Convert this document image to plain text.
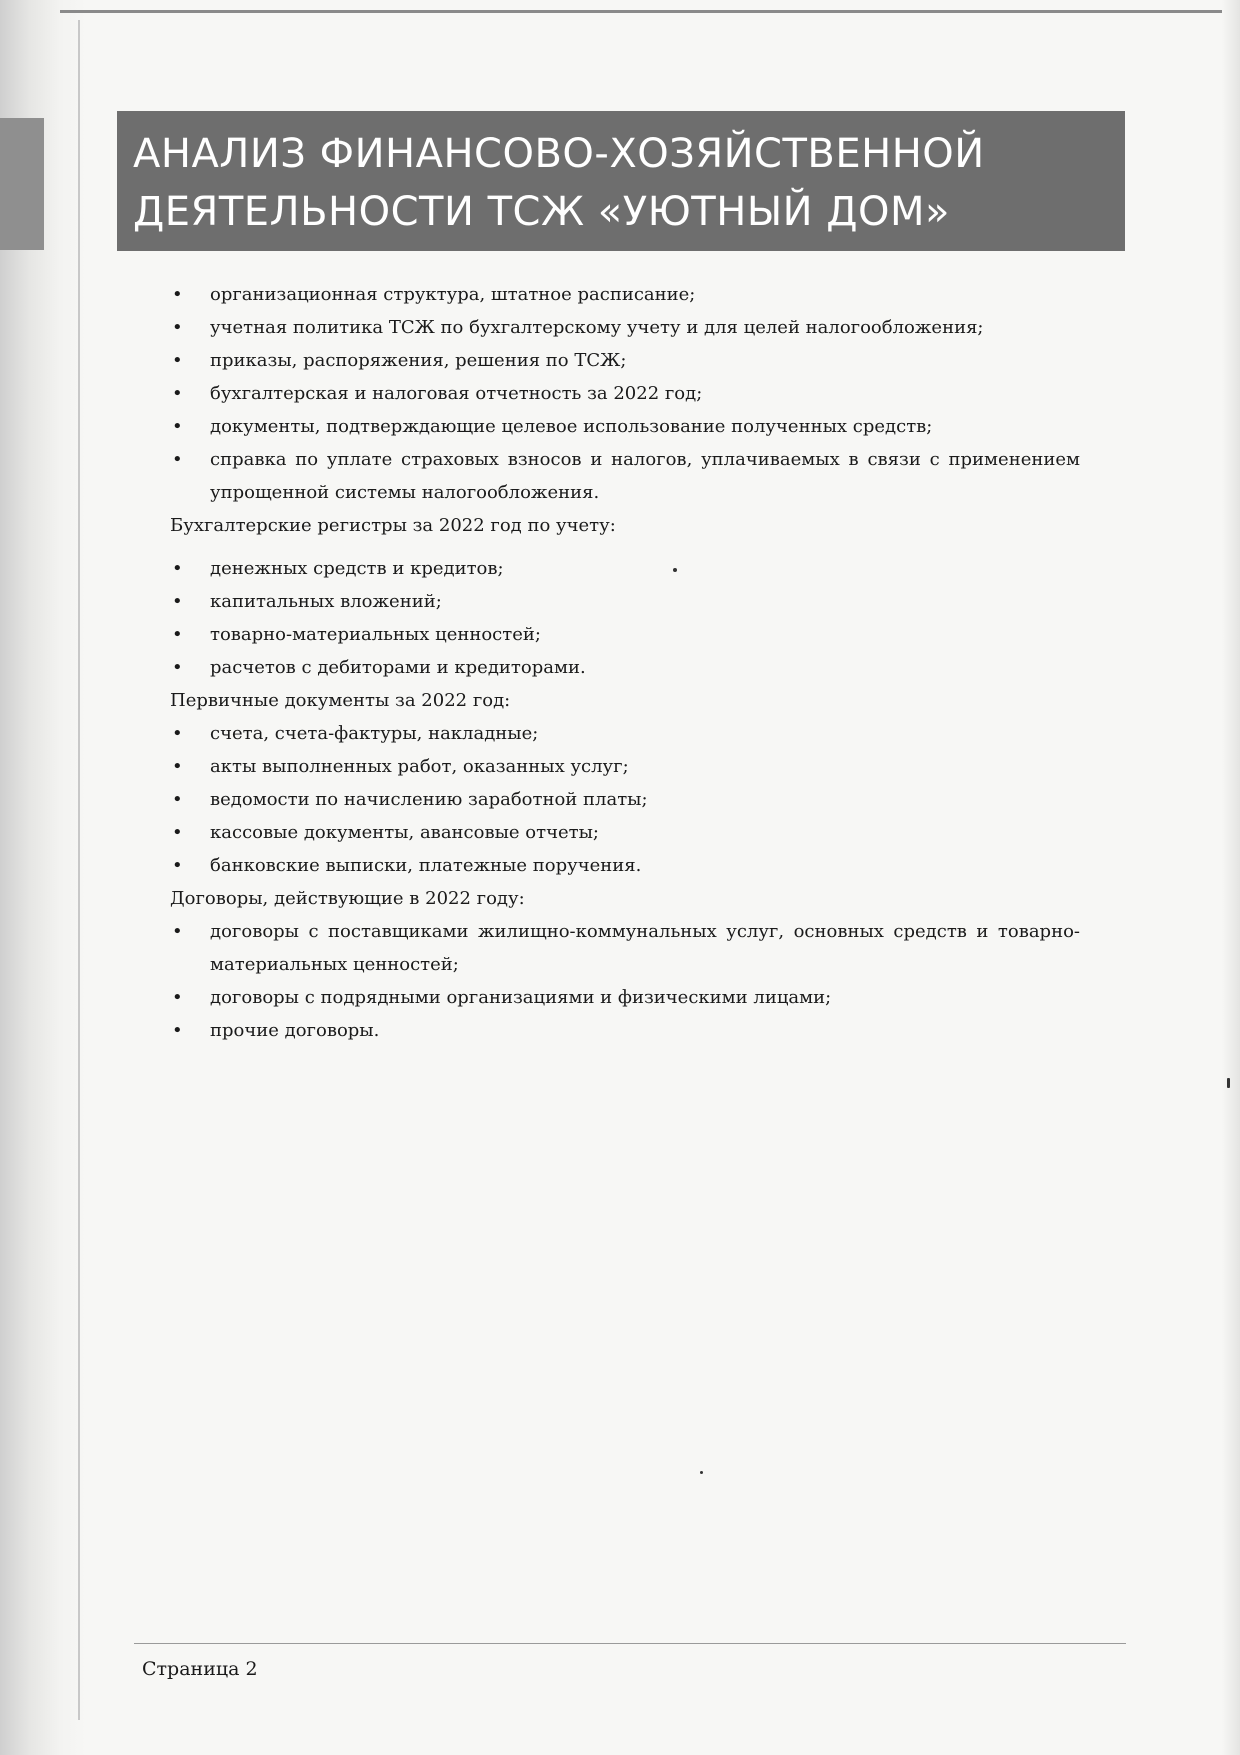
АНАЛИЗ ФИНАНСОВО-ХОЗЯЙСТВЕННОЙ
ДЕЯТЕЛЬНОСТИ ТСЖ «УЮТНЫЙ ДОМ»
• организационная структура, штатное расписание;
• учетная политика ТСЖ по бухгалтерскому учету и для целей налогообложения;
• приказы, распоряжения, решения по ТСЖ;
• бухгалтерская и налоговая отчетность за 2022 год;
• документы, подтверждающие целевое использование полученных средств;
• справка по уплате страховых взносов и налогов, уплачиваемых в связи с применением упрощенной системы налогообложения.

Бухгалтерские регистры за 2022 год по учету:

• денежных средств и кредитов;
• капитальных вложений;
• товарно-материальных ценностей;
• расчетов с дебиторами и кредиторами.

Первичные документы за 2022 год:

• счета, счета-фактуры, накладные;
• акты выполненных работ, оказанных услуг;
• ведомости по начислению заработной платы;
• кассовые документы, авансовые отчеты;
• банковские выписки, платежные поручения.

Договоры, действующие в 2022 году:

• договоры с поставщиками жилищно-коммунальных услуг, основных средств и товарно-материальных ценностей;
• договоры с подрядными организациями и физическими лицами;
• прочие договоры.
Страница 2
